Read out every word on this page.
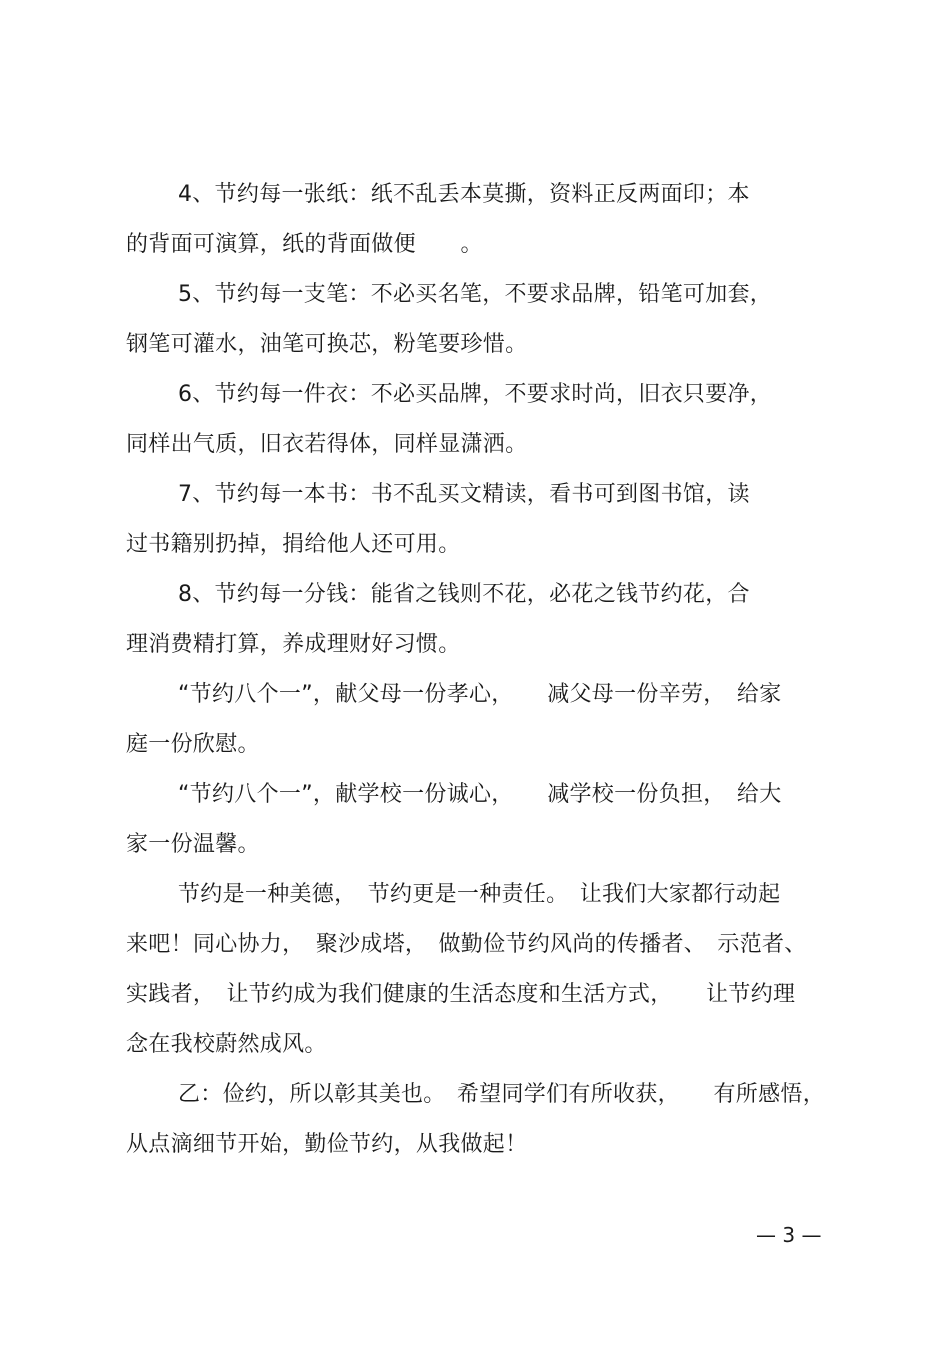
4、节约每一张纸：纸不乱丢本莫撕，资料正反两面印；本
的背面可演算，纸的背面做便　　。
5、节约每一支笔：不必买名笔，不要求品牌，铅笔可加套，
钢笔可灌水，油笔可换芯，粉笔要珍惜。
6、节约每一件衣：不必买品牌，不要求时尚，旧衣只要净，
同样出气质，旧衣若得体，同样显潇洒。
7、节约每一本书：书不乱买文精读，看书可到图书馆，读
过书籍别扔掉，捐给他人还可用。
8、节约每一分钱：能省之钱则不花，必花之钱节约花，合
理消费精打算，养成理财好习惯。
“节约八个一”，献父母一份孝心，　　减父母一份辛劳，　给家
庭一份欣慰。
“节约八个一”，献学校一份诚心，　　减学校一份负担，　给大
家一份温馨。
节约是一种美德，　节约更是一种责任。　让我们大家都行动起
来吧！同心协力，　聚沙成塔，　做勤俭节约风尚的传播者、　示范者、
实践者，　让节约成为我们健康的生活态度和生活方式，　　让节约理
念在我校蔚然成风。
乙：俭约，所以彰其美也。　希望同学们有所收获，　　有所感悟，
从点滴细节开始，勤俭节约，从我做起！
— 3 —
